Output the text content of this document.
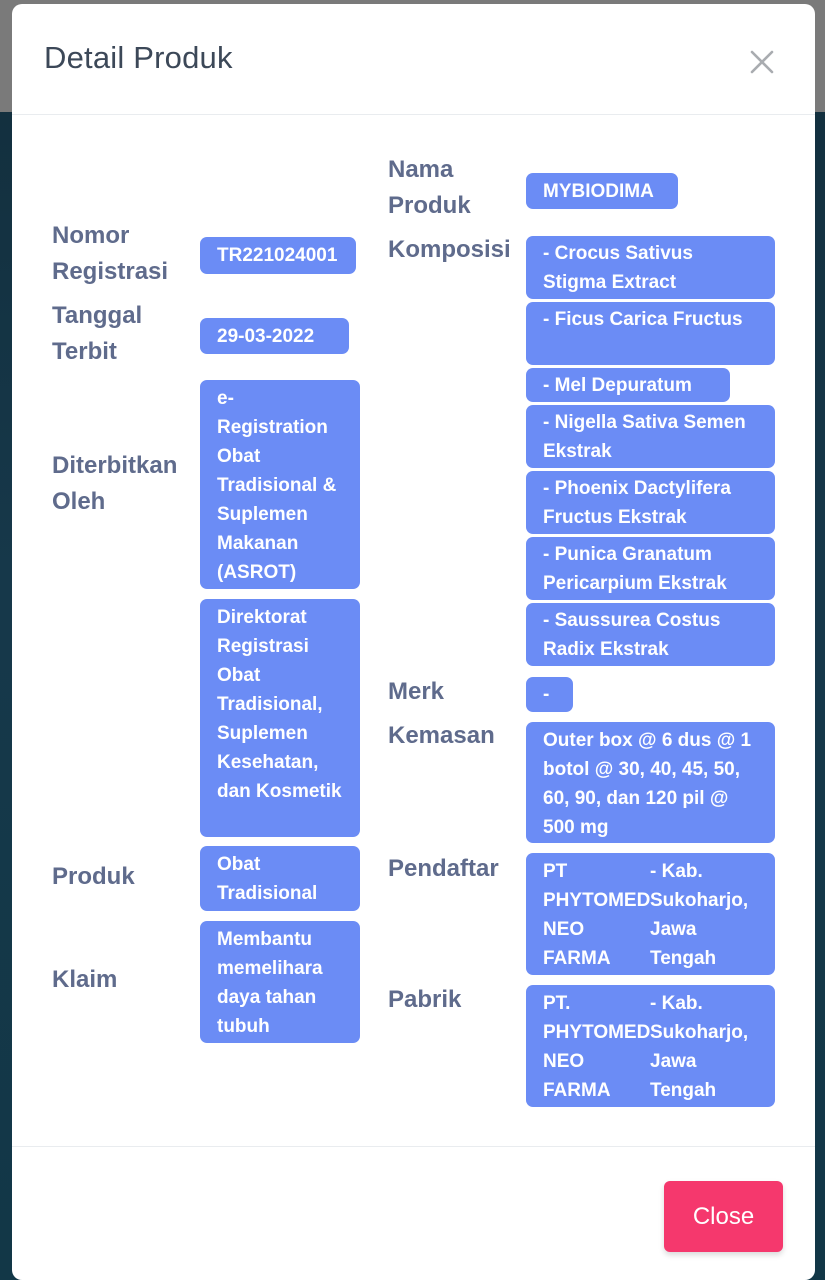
Detail Produk
Nomor Registrasi
Tanggal Terbit
Diterbitkan Oleh
Produk
Klaim
TR221024001
29-03-2022
e-Registration Obat Tradisional & Suplemen Makanan (ASROT)
Direktorat Registrasi Obat Tradisional, Suplemen Kesehatan, dan Kosmetik
Obat Tradisional
Membantu memelihara daya tahan tubuh
Nama Produk
Komposisi
Merk
Kemasan
Pendaftar
Pabrik
MYBIODIMA
- Crocus Sativus Stigma Extract
- Ficus Carica Fructus
- Mel Depuratum
- Nigella Sativa Semen Ekstrak
- Phoenix Dactylifera Fructus Ekstrak
- Punica Granatum Pericarpium Ekstrak
- Saussurea Costus Radix Ekstrak
-
Outer box @ 6 dus @ 1 botol @ 30, 40, 45, 50, 60, 90, dan 120 pil @ 500 mg
PT PHYTOMED NEO FARMA
- Kab. Sukoharjo, Jawa Tengah
PT. PHYTOMED NEO FARMA
- Kab. Sukoharjo, Jawa Tengah
Close
